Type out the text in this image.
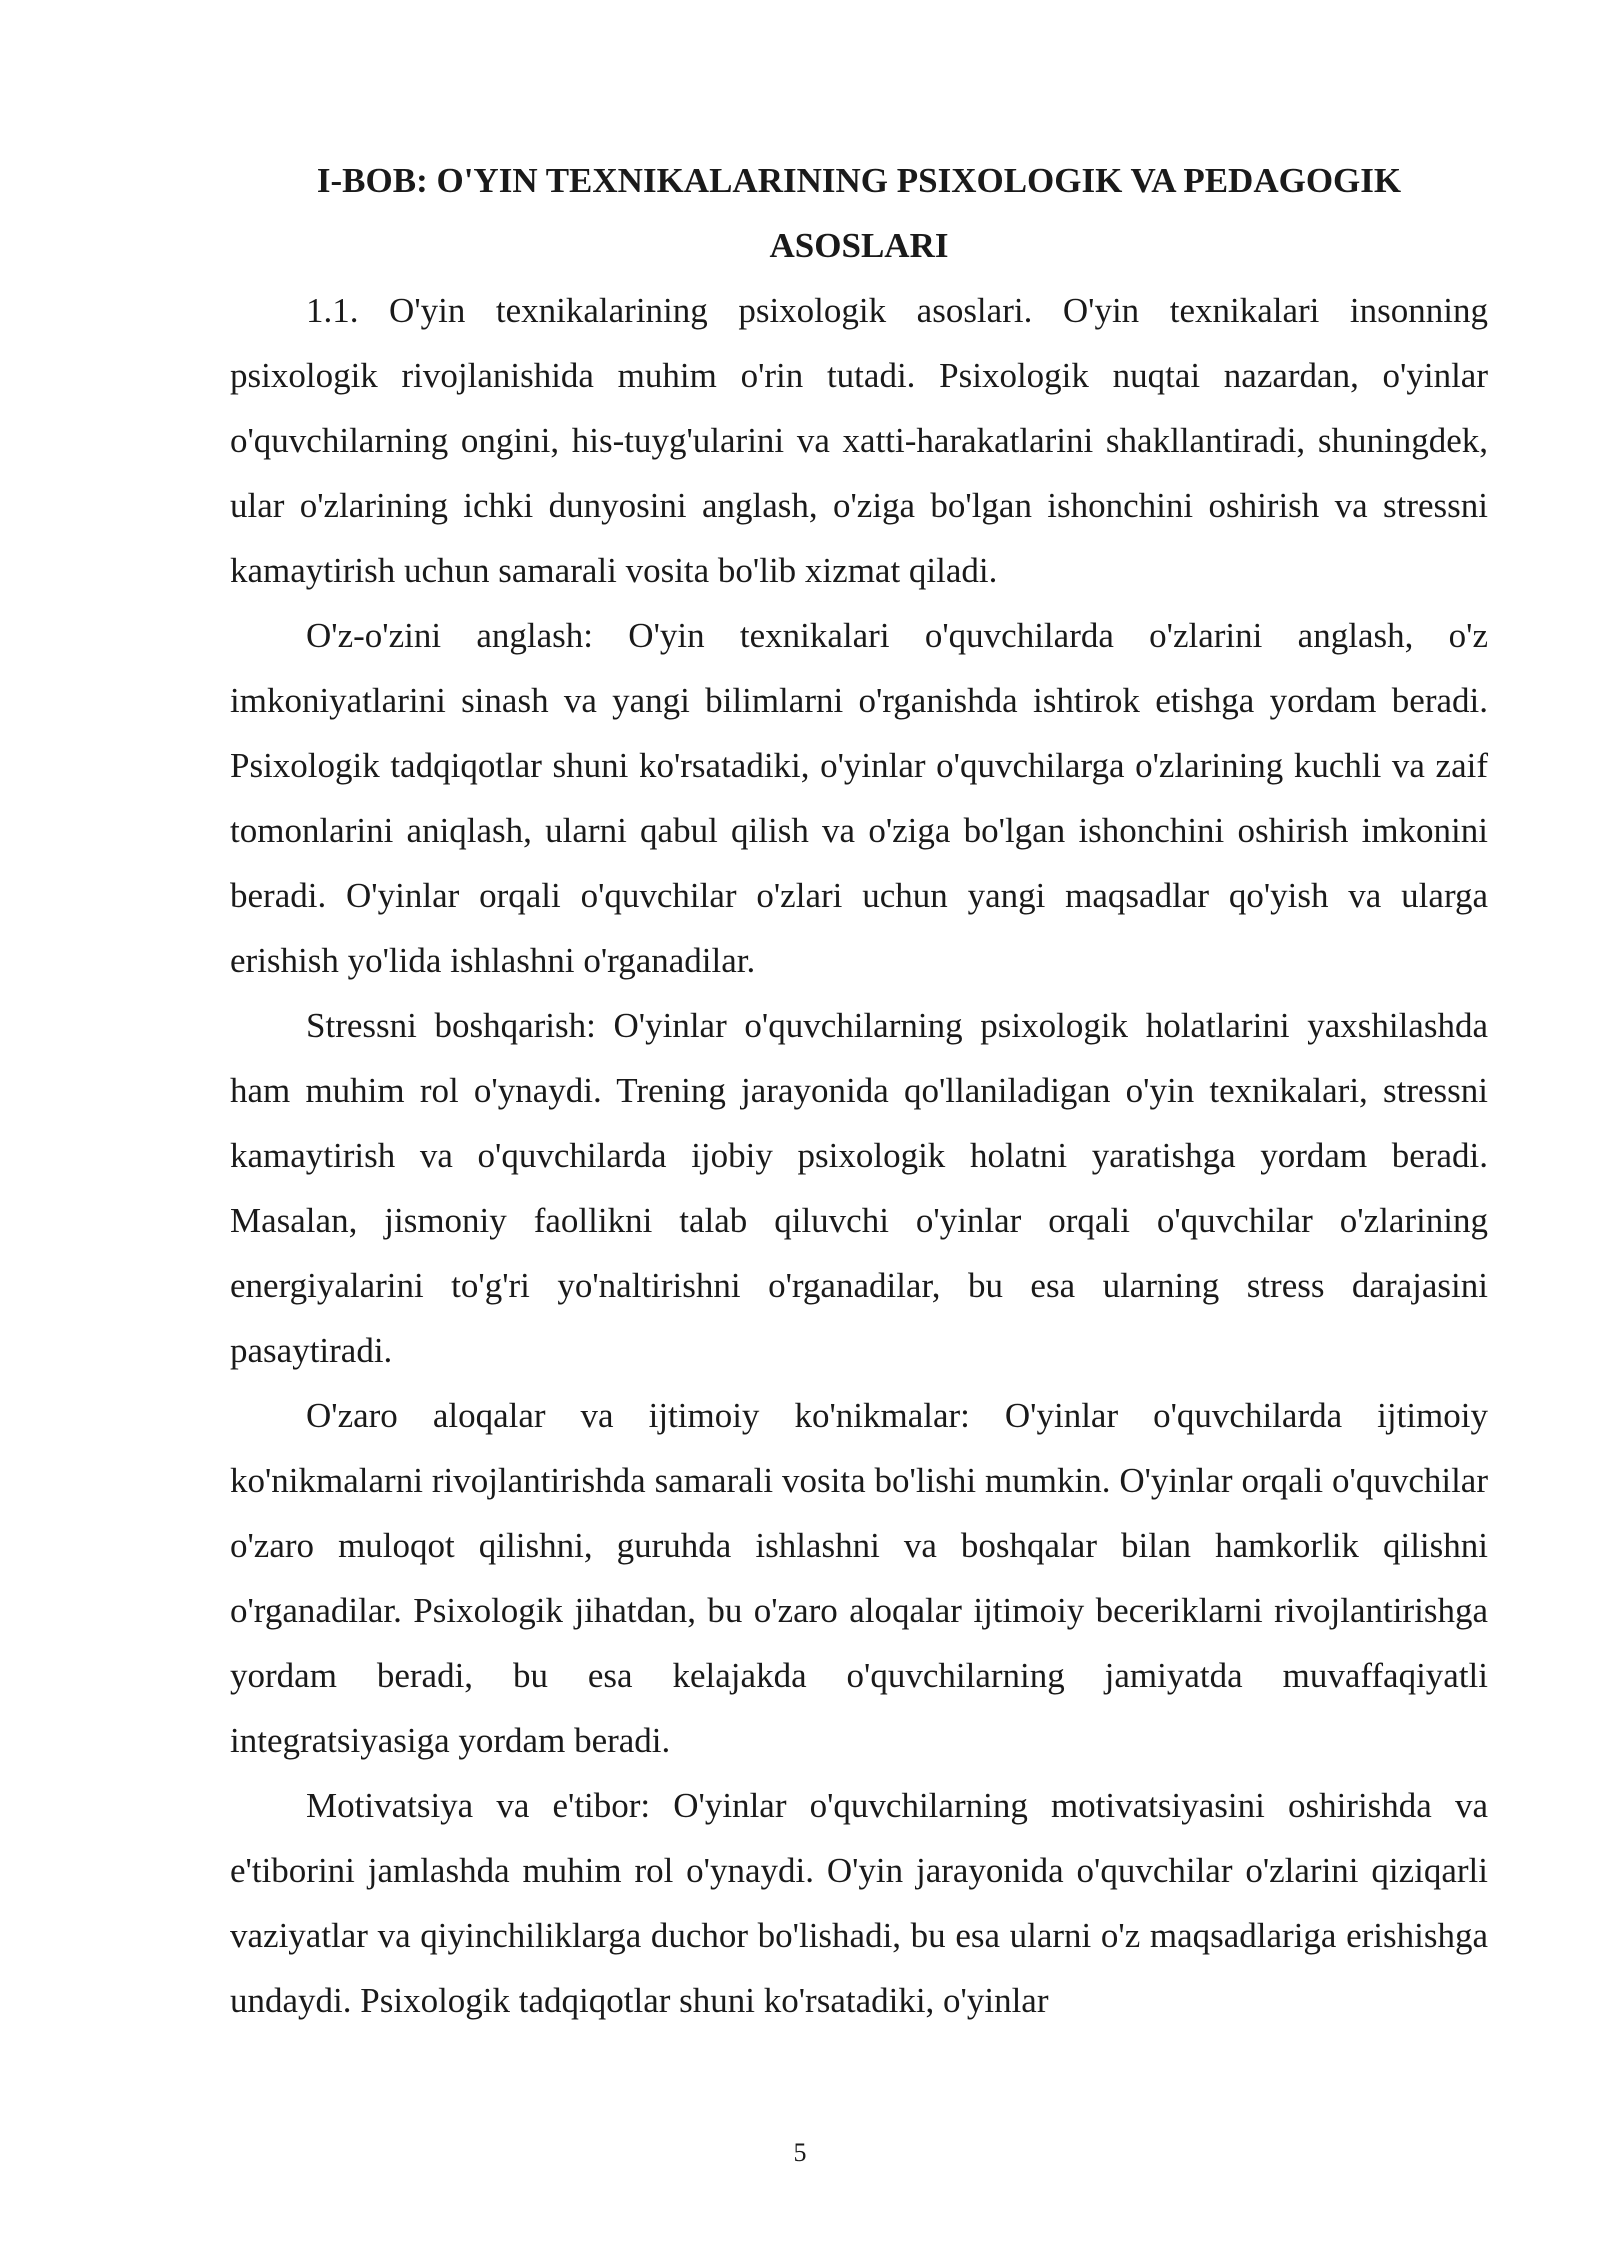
I-BOB: O'YIN TEXNIKALARINING PSIXOLOGIK VA PEDAGOGIK ASOSLARI

1.1. O'yin texnikalarining psixologik asoslari. O'yin texnikalari insonning psixologik rivojlanishida muhim o'rin tutadi. Psixologik nuqtai nazardan, o'yinlar o'quvchilarning ongini, his-tuyg'ularini va xatti-harakatlarini shakllantiradi, shuningdek, ular o'zlarining ichki dunyosini anglash, o'ziga bo'lgan ishonchini oshirish va stressni kamaytirish uchun samarali vosita bo'lib xizmat qiladi.

O'z-o'zini anglash: O'yin texnikalari o'quvchilarda o'zlarini anglash, o'z imkoniyatlarini sinash va yangi bilimlarni o'rganishda ishtirok etishga yordam beradi. Psixologik tadqiqotlar shuni ko'rsatadiki, o'yinlar o'quvchilarga o'zlarining kuchli va zaif tomonlarini aniqlash, ularni qabul qilish va o'ziga bo'lgan ishonchini oshirish imkonini beradi. O'yinlar orqali o'quvchilar o'zlari uchun yangi maqsadlar qo'yish va ularga erishish yo'lida ishlashni o'rganadilar.

Stressni boshqarish: O'yinlar o'quvchilarning psixologik holatlarini yaxshilashda ham muhim rol o'ynaydi. Trening jarayonida qo'llaniladigan o'yin texnikalari, stressni kamaytirish va o'quvchilarda ijobiy psixologik holatni yaratishga yordam beradi. Masalan, jismoniy faollikni talab qiluvchi o'yinlar orqali o'quvchilar o'zlarining energiyalarini to'g'ri yo'naltirishni o'rganadilar, bu esa ularning stress darajasini pasaytiradi.

O'zaro aloqalar va ijtimoiy ko'nikmalar: O'yinlar o'quvchilarda ijtimoiy ko'nikmalarni rivojlantirishda samarali vosita bo'lishi mumkin. O'yinlar orqali o'quvchilar o'zaro muloqot qilishni, guruhda ishlashni va boshqalar bilan hamkorlik qilishni o'rganadilar. Psixologik jihatdan, bu o'zaro aloqalar ijtimoiy beceriklarni rivojlantirishga yordam beradi, bu esa kelajakda o'quvchilarning jamiyatda muvaffaqiyatli integratsiyasiga yordam beradi.

Motivatsiya va e'tibor: O'yinlar o'quvchilarning motivatsiyasini oshirishda va e'tiborini jamlashda muhim rol o'ynaydi. O'yin jarayonida o'quvchilar o'zlarini qiziqarli vaziyatlar va qiyinchiliklarga duchor bo'lishadi, bu esa ularni o'z maqsadlariga erishishga undaydi. Psixologik tadqiqotlar shuni ko'rsatadiki, o'yinlar

5
